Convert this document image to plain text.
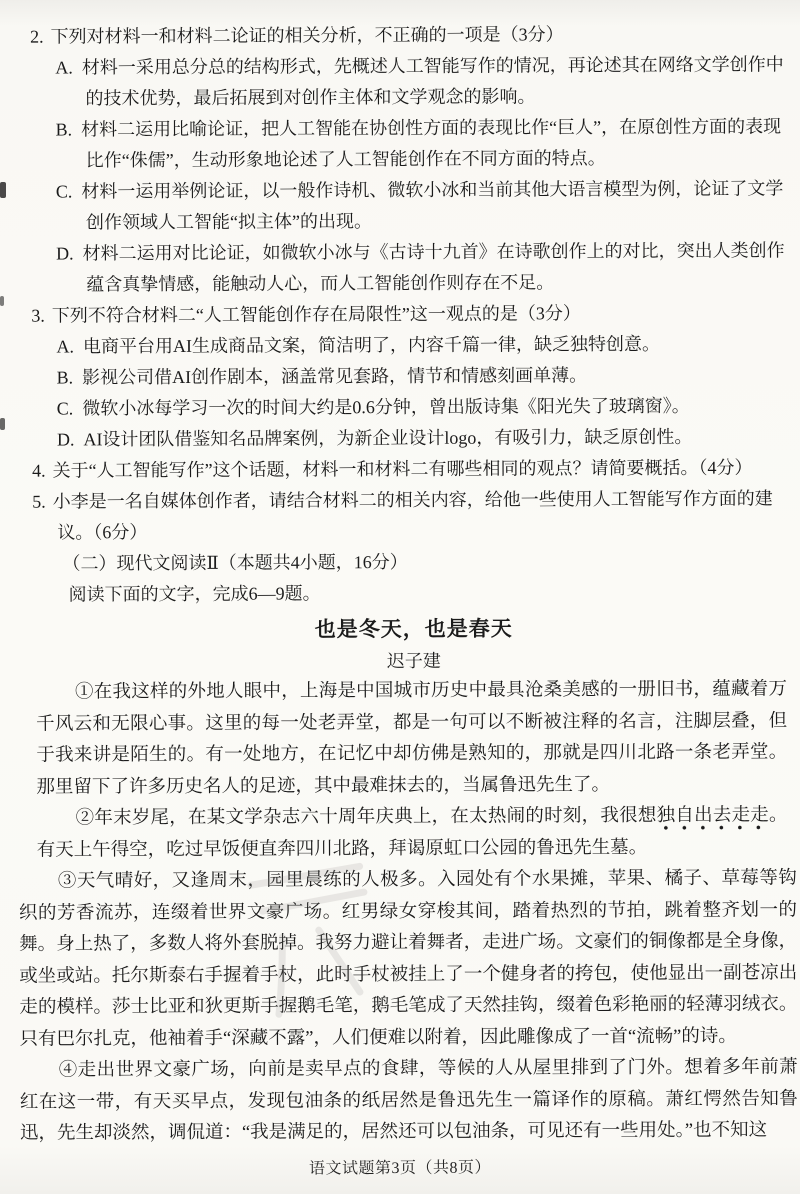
2. 下列对材料一和材料二论证的相关分析，不正确的一项是（3分）
A. 材料一采用总分总的结构形式，先概述人工智能写作的情况，再论述其在网络文学创作中的技术优势，最后拓展到对创作主体和文学观念的影响。
B. 材料二运用比喻论证，把人工智能在协创性方面的表现比作“巨人”，在原创性方面的表现比作“侏儒”，生动形象地论述了人工智能创作在不同方面的特点。
C. 材料一运用举例论证，以一般作诗机、微软小冰和当前其他大语言模型为例，论证了文学创作领域人工智能“拟主体”的出现。
D. 材料二运用对比论证，如微软小冰与《古诗十九首》在诗歌创作上的对比，突出人类创作蕴含真挚情感，能触动人心，而人工智能创作则存在不足。
3. 下列不符合材料二“人工智能创作存在局限性”这一观点的是（3分）
A. 电商平台用AI生成商品文案，简洁明了，内容千篇一律，缺乏独特创意。
B. 影视公司借AI创作剧本，涵盖常见套路，情节和情感刻画单薄。
C. 微软小冰每学习一次的时间大约是0.6分钟，曾出版诗集《阳光失了玻璃窗》。
D. AI设计团队借鉴知名品牌案例，为新企业设计logo，有吸引力，缺乏原创性。
4. 关于“人工智能写作”这个话题，材料一和材料二有哪些相同的观点？请简要概括。（4分）
5. 小李是一名自媒体创作者，请结合材料二的相关内容，给他一些使用人工智能写作方面的建议。（6分）
（二）现代文阅读Ⅱ（本题共4小题，16分）
阅读下面的文字，完成6—9题。
也是冬天，也是春天
迟子建

①在我这样的外地人眼中，上海是中国城市历史中最具沧桑美感的一册旧书，蕴藏着万千风云和无限心事。这里的每一处老弄堂，都是一句可以不断被注释的名言，注脚层叠，但于我来讲是陌生的。有一处地方，在记忆中却仿佛是熟知的，那就是四川北路一条老弄堂。那里留下了许多历史名人的足迹，其中最难抹去的，当属鲁迅先生了。

②年末岁尾，在某文学杂志六十周年庆典上，在太热闹的时刻，我很想独自出去走走。有天上午得空，吃过早饭便直奔四川北路，拜谒原虹口公园的鲁迅先生墓。

③天气晴好，又逢周末，园里晨练的人极多。入园处有个水果摊，苹果、橘子、草莓等钩织的芳香流苏，连缀着世界文豪广场。红男绿女穿梭其间，踏着热烈的节拍，跳着整齐划一的舞。身上热了，多数人将外套脱掉。我努力避让着舞者，走进广场。文豪们的铜像都是全身像，或坐或站。托尔斯泰右手握着手杖，此时手杖被挂上了一个健身者的挎包，使他显出一副苍凉出走的模样。莎士比亚和狄更斯手握鹅毛笔，鹅毛笔成了天然挂钩，缀着色彩艳丽的轻薄羽绒衣。只有巴尔扎克，他袖着手“深藏不露”，人们便难以附着，因此雕像成了一首“流畅”的诗。

④走出世界文豪广场，向前是卖早点的食肆，等候的人从屋里排到了门外。想着多年前萧红在这一带，有天买早点，发现包油条的纸居然是鲁迅先生一篇译作的原稿。萧红愕然告知鲁迅，先生却淡然，调侃道：“我是满足的，居然还可以包油条，可见还有一些用处。”也不知这

语文试题第3页（共8页）
